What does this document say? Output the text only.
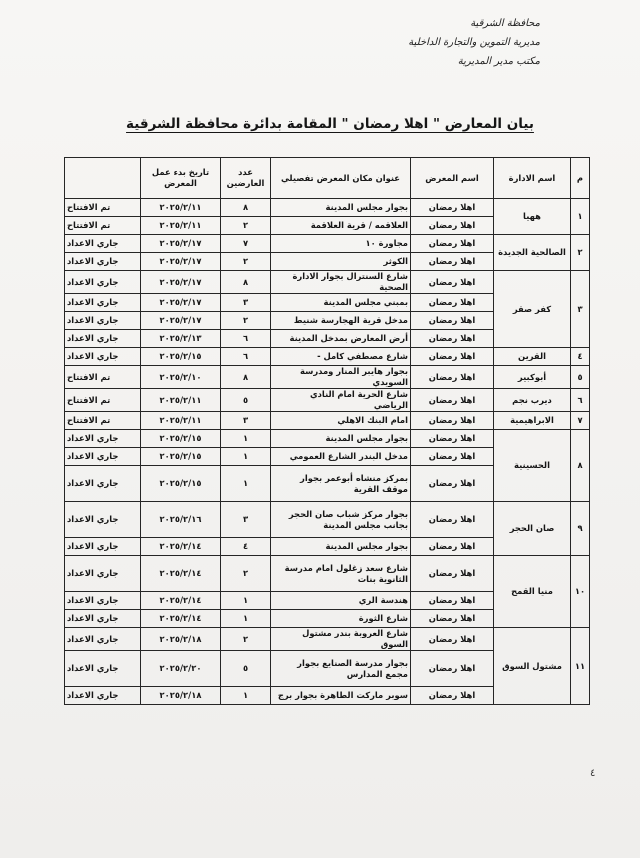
محافظة الشرقية
مديرية التموين والتجارة الداخلية
مكتب مدير المديرية
بيان المعارض " اهلا رمضان " المقامة بدائرة محافظة الشرقية
م	اسم الادارة	اسم المعرض	عنوان مكان المعرض تفصيلي	عدد العارضين	تاريخ بدء عمل المعرض	
١	ههيا	اهلا رمضان	بجوار مجلس المدينة	٨	٢٠٢٥/٢/١١	تم الافتتاح
		اهلا رمضان	العلاقمه / قرية العلاقمة	٢	٢٠٢٥/٢/١١	تم الافتتاح
٢	الصالحية الجديدة	اهلا رمضان	مجاورة ١٠	٧	٢٠٢٥/٢/١٧	جاري الاعداد
		اهلا رمضان	الكوثر	٢	٢٠٢٥/٢/١٧	جاري الاعداد
٣	كفر صقر	اهلا رمضان	شارع السنترال بجوار الادارة الصحية	٨	٢٠٢٥/٢/١٧	جاري الاعداد
		اهلا رمضان	بمبني مجلس المدينة	٣	٢٠٢٥/٢/١٧	جاري الاعداد
		اهلا رمضان	مدخل قرية الهجارسة شنيط	٢	٢٠٢٥/٢/١٧	جاري الاعداد
		اهلا رمضان	أرض المعارض بمدخل المدينة	٦	٢٠٢٥/٢/١٣	جاري الاعداد
٤	القرين	اهلا رمضان	شارع مصطفي كامل -	٦	٢٠٢٥/٢/١٥	جاري الاعداد
٥	أبوكبير	اهلا رمضان	بجوار هايبر المنار ومدرسة السويدي	٨	٢٠٢٥/٢/١٠	تم الافتتاح
٦	ديرب نجم	اهلا رمضان	شارع الحرية امام النادي الرياضي	٥	٢٠٢٥/٢/١١	تم الافتتاح
٧	الابراهيمية	اهلا رمضان	امام البنك الاهلي	٣	٢٠٢٥/٢/١١	تم الافتتاح
٨	الحسينية	اهلا رمضان	بجوار مجلس المدينة	١	٢٠٢٥/٢/١٥	جاري الاعداد
		اهلا رمضان	مدخل البندر الشارع العمومي	١	٢٠٢٥/٢/١٥	جاري الاعداد
		اهلا رمضان	بمركز منشاه أبوعمر بجوار موقف القرية	١	٢٠٢٥/٢/١٥	جاري الاعداد
٩	صان الحجر	اهلا رمضان	بجوار مركز شباب صان الحجر بجانب مجلس المدينة	٣	٢٠٢٥/٢/١٦	جاري الاعداد
		اهلا رمضان	بجوار مجلس المدينة	٤	٢٠٢٥/٢/١٤	جاري الاعداد
١٠	منيا القمح	اهلا رمضان	شارع سعد زغلول امام مدرسة الثانوية بنات	٢	٢٠٢٥/٢/١٤	جاري الاعداد
		اهلا رمضان	هندسة الري	١	٢٠٢٥/٢/١٤	جاري الاعداد
		اهلا رمضان	شارع الثورة	١	٢٠٢٥/٢/١٤	جاري الاعداد
١١	مشتول السوق	اهلا رمضان	شارع العروبة بندر مشتول السوق	٢	٢٠٢٥/٢/١٨	جاري الاعداد
		اهلا رمضان	بجوار مدرسة الصنايع بجوار مجمع المدارس	٥	٢٠٢٥/٢/٢٠	جاري الاعداد
		اهلا رمضان	سوبر ماركت الطاهرة بجوار برج	١	٢٠٢٥/٢/١٨	جاري الاعداد
٤
